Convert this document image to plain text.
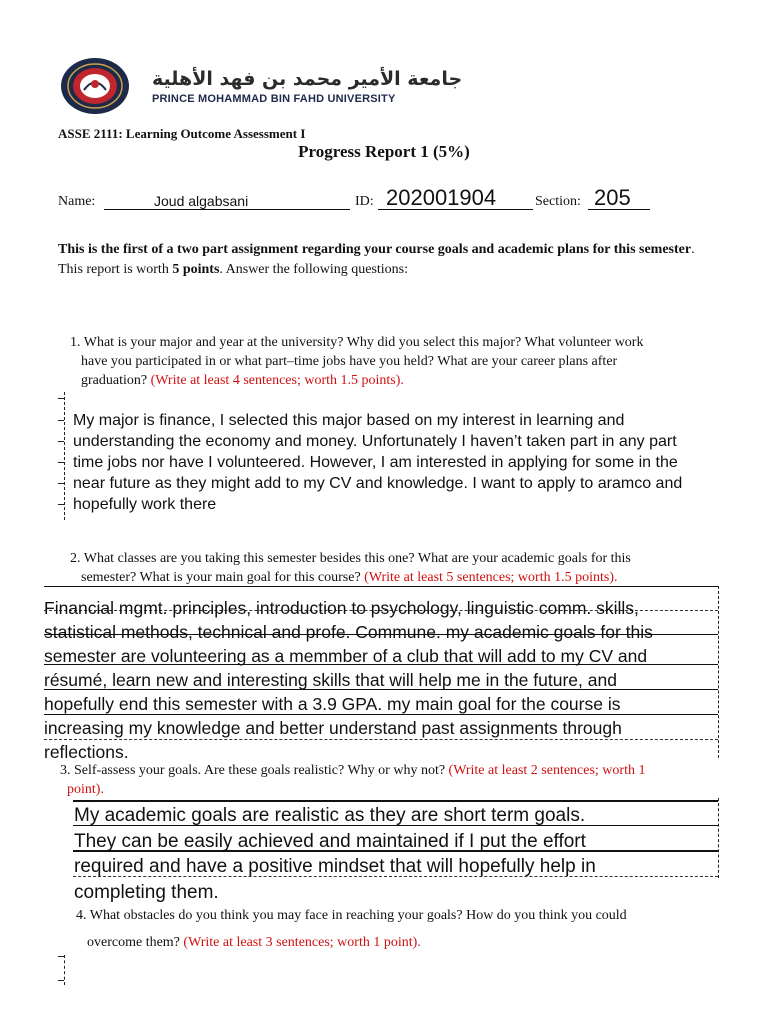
جامعة الأمير محمد بن فهد الأهلية
PRINCE MOHAMMAD BIN FAHD UNIVERSITY
ASSE 2111: Learning Outcome Assessment I
Progress Report 1 (5%)
Name:	Joud algabsani	ID: 202001904	Section: 205
This is the first of a two part assignment regarding your course goals and academic plans for this semester. This report is worth 5 points. Answer the following questions:
1. What is your major and year at the university? Why did you select this major? What volunteer work
have you participated in or what part–time jobs have you held? What are your career plans after
graduation? (Write at least 4 sentences; worth 1.5 points).
My major is finance, I selected this major based on my interest in learning and
understanding the economy and money. Unfortunately I haven’t taken part in any part
time jobs nor have I volunteered. However, I am interested in applying for some in the
near future as they might add to my CV and knowledge. I want to apply to aramco and
hopefully work there
2. What classes are you taking this semester besides this one? What are your academic goals for this
semester? What is your main goal for this course? (Write at least 5 sentences; worth 1.5 points).
Financial mgmt. principles, introduction to psychology, linguistic comm. skills,
statistical methods, technical and profe. Commune. my academic goals for this
semester are volunteering as a memmber of a club that will add to my CV and
résumé, learn new and interesting skills that will help me in the future, and
hopefully end this semester with a 3.9 GPA. my main goal for the course is
increasing my knowledge and better understand past assignments through
reflections.
3. Self-assess your goals. Are these goals realistic? Why or why not? (Write at least 2 sentences; worth 1
point).
My academic goals are realistic as they are short term goals.
They can be easily achieved and maintained if I put the effort
required and have a positive mindset that will hopefully help in
completing them.
4. What obstacles do you think you may face in reaching your goals? How do you think you could
overcome them? (Write at least 3 sentences; worth 1 point).
